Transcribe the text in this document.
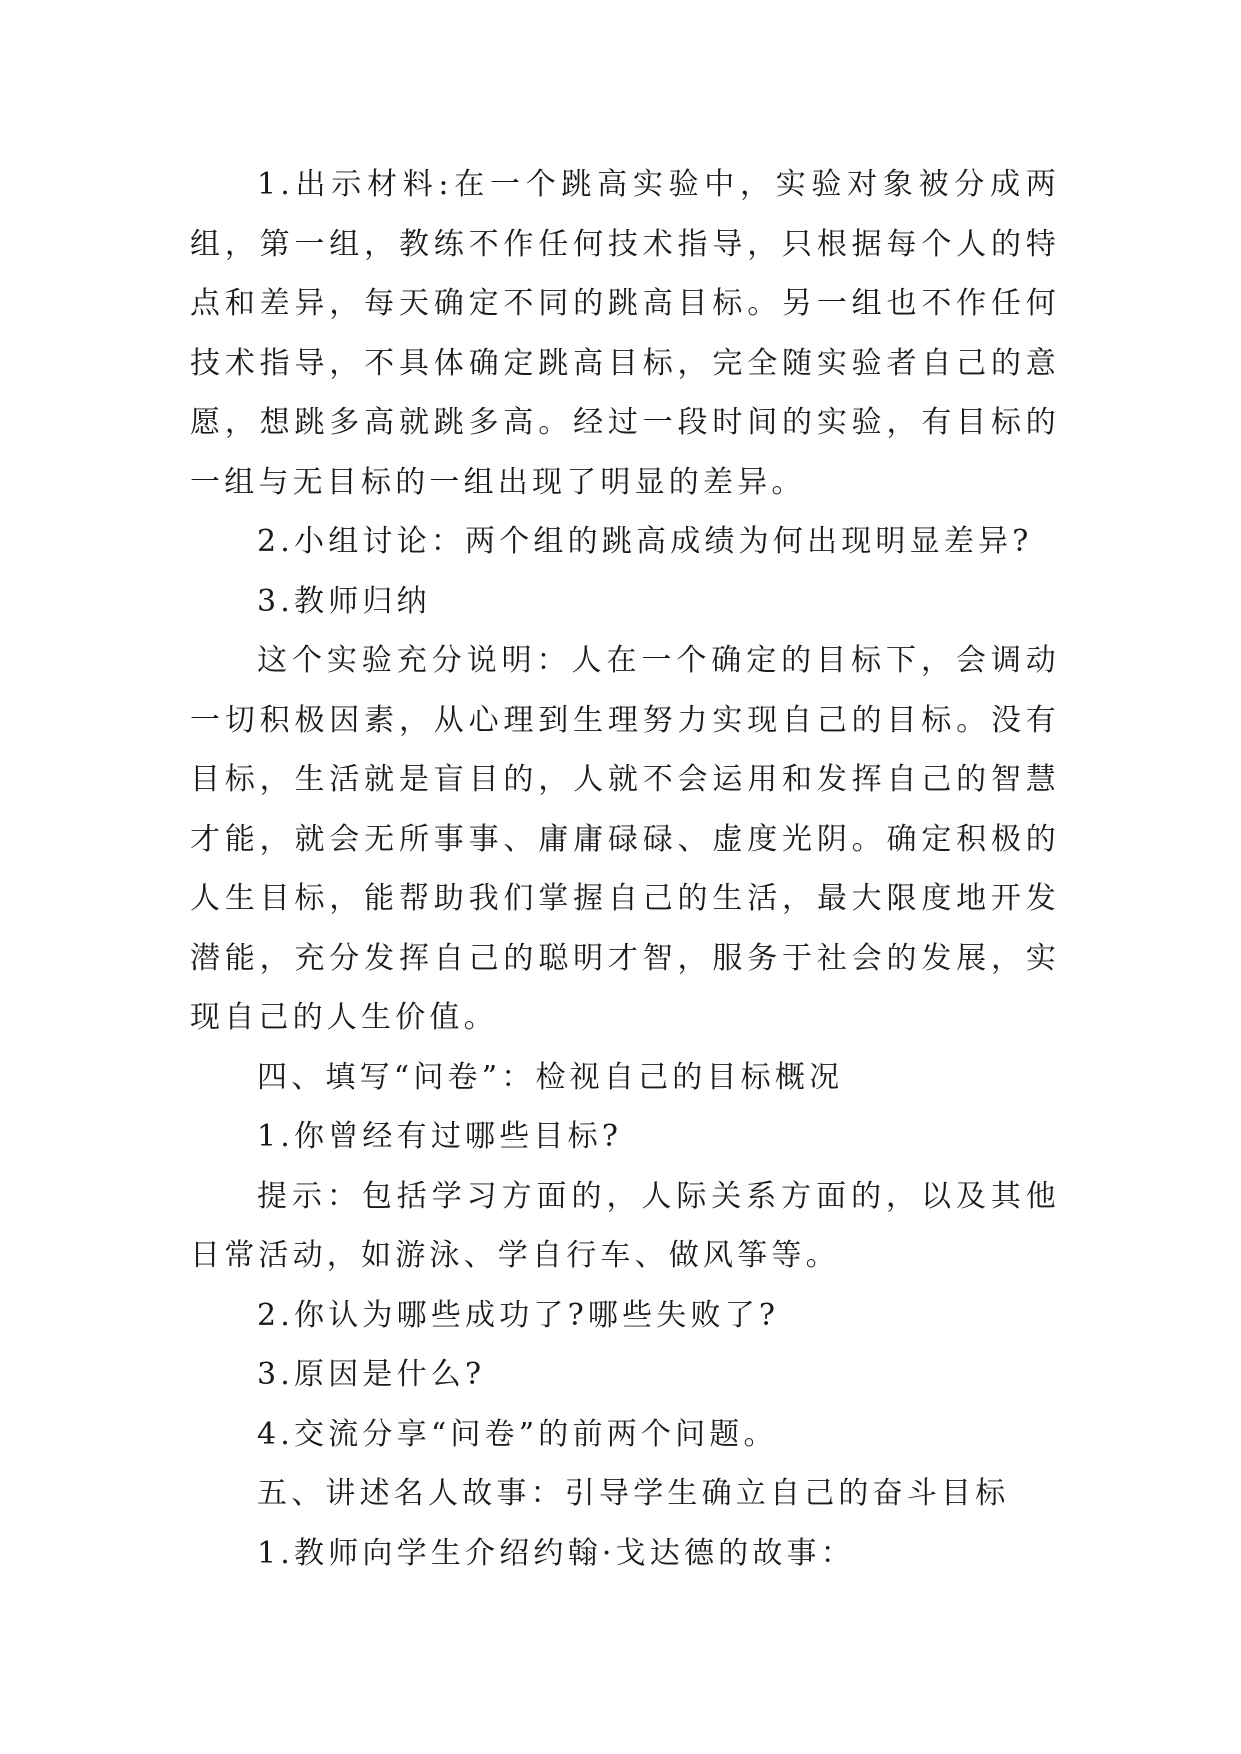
1.出示材料:在一个跳高实验中，实验对象被分成两组，第一组，教练不作任何技术指导，只根据每个人的特点和差异，每天确定不同的跳高目标。另一组也不作任何技术指导，不具体确定跳高目标，完全随实验者自己的意愿，想跳多高就跳多高。经过一段时间的实验，有目标的一组与无目标的一组出现了明显的差异。

2.小组讨论：两个组的跳高成绩为何出现明显差异?

3.教师归纳

这个实验充分说明：人在一个确定的目标下，会调动一切积极因素，从心理到生理努力实现自己的目标。没有目标，生活就是盲目的，人就不会运用和发挥自己的智慧才能，就会无所事事、庸庸碌碌、虚度光阴。确定积极的人生目标，能帮助我们掌握自己的生活，最大限度地开发潜能，充分发挥自己的聪明才智，服务于社会的发展，实现自己的人生价值。

四、填写“问卷”：检视自己的目标概况

1.你曾经有过哪些目标?

提示：包括学习方面的，人际关系方面的，以及其他日常活动，如游泳、学自行车、做风筝等。

2.你认为哪些成功了?哪些失败了?

3.原因是什么?

4.交流分享“问卷”的前两个问题。

五、讲述名人故事：引导学生确立自己的奋斗目标

1.教师向学生介绍约翰·戈达德的故事：
